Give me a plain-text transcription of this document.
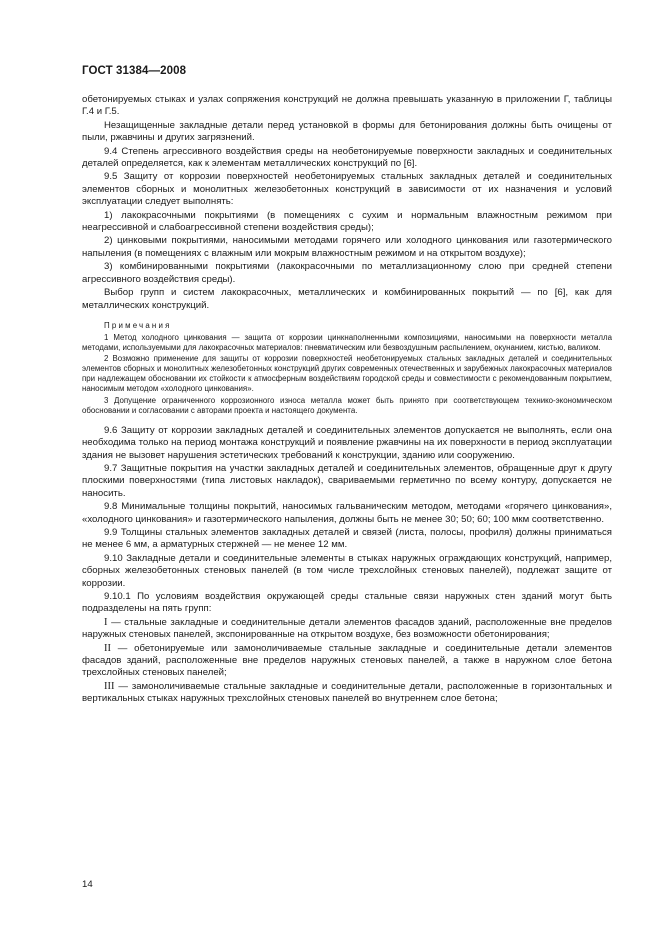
ГОСТ 31384—2008

обетонируемых стыках и узлах сопряжения конструкций не должна превышать указанную в приложении Г, таблицы Г.4 и Г.5.

Незащищенные закладные детали перед установкой в формы для бетонирования должны быть очищены от пыли, ржавчины и других загрязнений.

9.4 Степень агрессивного воздействия среды на необетонируемые поверхности закладных и соединительных деталей определяется, как к элементам металлических конструкций по [6].

9.5 Защиту от коррозии поверхностей необетонируемых стальных закладных деталей и соединительных элементов сборных и монолитных железобетонных конструкций в зависимости от их назначения и условий эксплуатации следует выполнять:

1) лакокрасочными покрытиями (в помещениях с сухим и нормальным влажностным режимом при неагрессивной и слабоагрессивной степени воздействия среды);

2) цинковыми покрытиями, наносимыми методами горячего или холодного цинкования или газотермического напыления (в помещениях с влажным или мокрым влажностным режимом и на открытом воздухе);

3) комбинированными покрытиями (лакокрасочными по металлизационному слою при средней степени агрессивного воздействия среды).

Выбор групп и систем лакокрасочных, металлических и комбинированных покрытий — по [6], как для металлических конструкций.

Примечания

1 Метод холодного цинкования — защита от коррозии цинкнаполненными композициями, наносимыми на поверхности металла методами, используемыми для лакокрасочных материалов: пневматическим или безвоздушным распылением, окунанием, кистью, валиком.

2 Возможно применение для защиты от коррозии поверхностей необетонируемых стальных закладных деталей и соединительных элементов сборных и монолитных железобетонных конструкций других современных отечественных и зарубежных лакокрасочных материалов при надлежащем обосновании их стойкости к атмосферным воздействиям городской среды и совместимости с рекомендованным покрытием, наносимым методом «холодного цинкования».

3 Допущение ограниченного коррозионного износа металла может быть принято при соответствующем технико-экономическом обосновании и согласовании с авторами проекта и настоящего документа.

9.6 Защиту от коррозии закладных деталей и соединительных элементов допускается не выполнять, если она необходима только на период монтажа конструкций и появление ржавчины на их поверхности в период эксплуатации здания не вызовет нарушения эстетических требований к конструкции, зданию или сооружению.

9.7 Защитные покрытия на участки закладных деталей и соединительных элементов, обращенные друг к другу плоскими поверхностями (типа листовых накладок), свариваемыми герметично по всему контуру, допускается не наносить.

9.8 Минимальные толщины покрытий, наносимых гальваническим методом, методами «горячего цинкования», «холодного цинкования» и газотермического напыления, должны быть не менее 30; 50; 60; 100 мкм соответственно.

9.9 Толщины стальных элементов закладных деталей и связей (листа, полосы, профиля) должны приниматься не менее 6 мм, а арматурных стержней — не менее 12 мм.

9.10 Закладные детали и соединительные элементы в стыках наружных ограждающих конструкций, например, сборных железобетонных стеновых панелей (в том числе трехслойных стеновых панелей), подлежат защите от коррозии.

9.10.1 По условиям воздействия окружающей среды стальные связи наружных стен зданий могут быть подразделены на пять групп:

I — стальные закладные и соединительные детали элементов фасадов зданий, расположенные вне пределов наружных стеновых панелей, экспонированные на открытом воздухе, без возможности обетонирования;

II — обетонируемые или замоноличиваемые стальные закладные и соединительные детали элементов фасадов зданий, расположенные вне пределов наружных стеновых панелей, а также в наружном слое бетона трехслойных стеновых панелей;

III — замоноличиваемые стальные закладные и соединительные детали, расположенные в горизонтальных и вертикальных стыках наружных трехслойных стеновых панелей во внутреннем слое бетона;

14
